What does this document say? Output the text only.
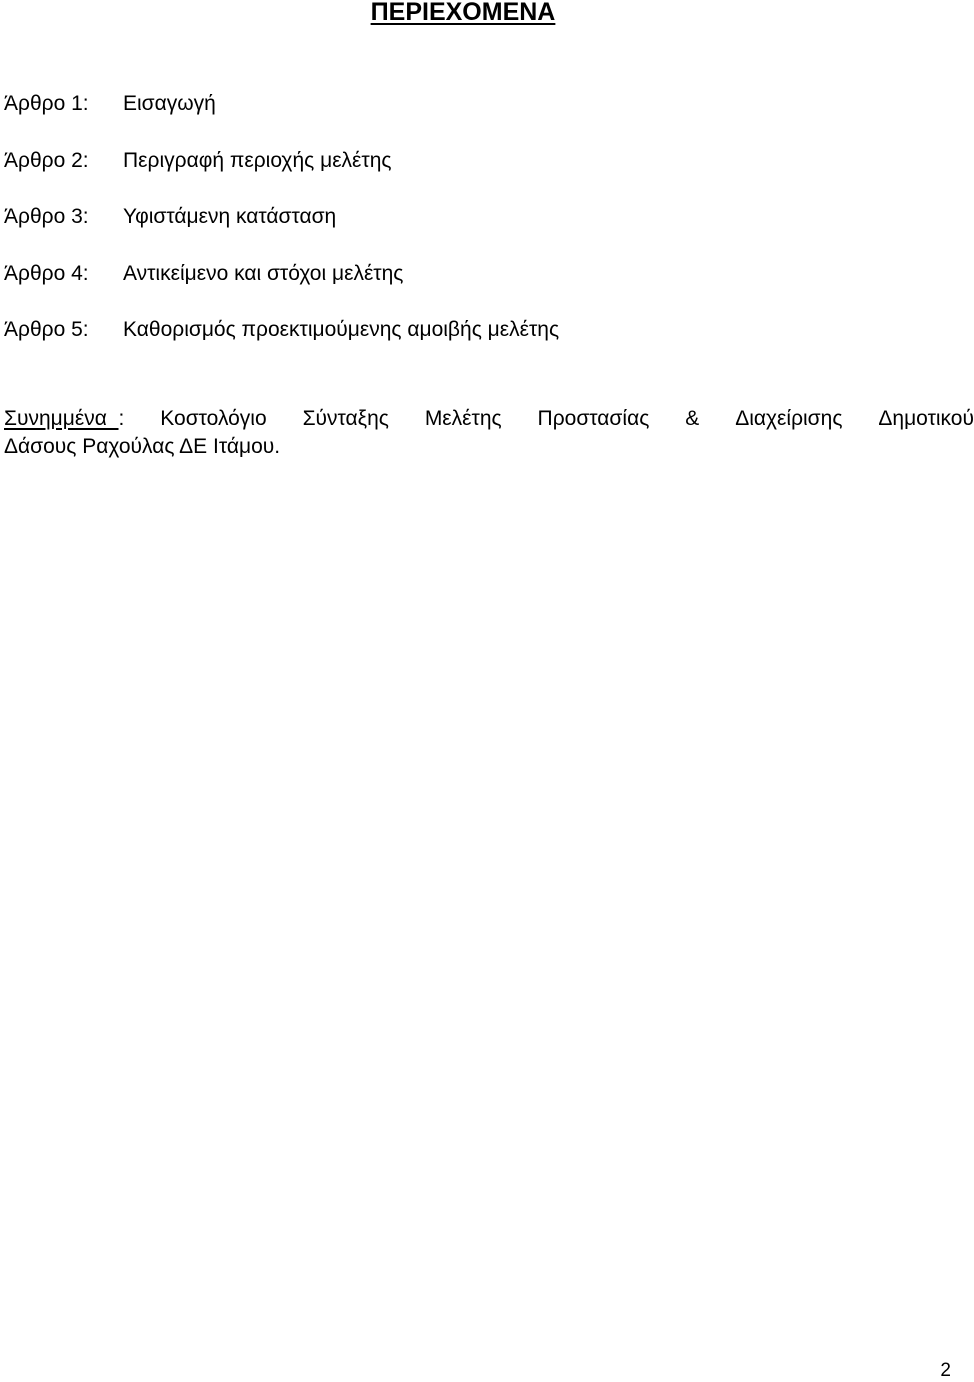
ΠΕΡΙΕΧΟΜΕΝΑ
Άρθρο 1:	Εισαγωγή
Άρθρο 2:	Περιγραφή περιοχής μελέτης
Άρθρο 3:	Υφιστάμενη κατάσταση
Άρθρο 4:	Αντικείμενο και στόχοι μελέτης
Άρθρο 5:	Καθορισμός προεκτιμούμενης αμοιβής μελέτης
Συνημμένα  : Κοστολόγιο Σύνταξης Μελέτης Προστασίας & Διαχείρισης Δημοτικού
Δάσους Ραχούλας ΔΕ Ιτάμου.
2
